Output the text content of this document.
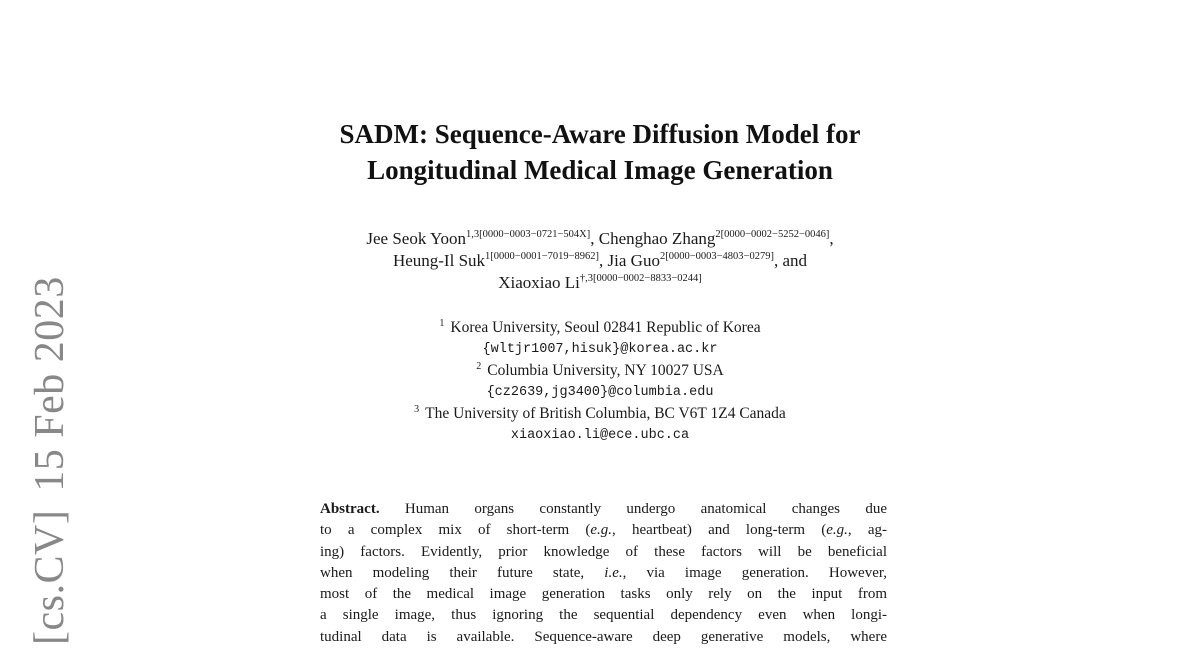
[cs.CV]15 Feb 2023
SADM: Sequence-Aware Diffusion Model for
Longitudinal Medical Image Generation
Jee Seok Yoon$^{1,3[0000-0003-0721-504X]}$, Chenghao Zhang$^{2[0000-0002-5252-0046]}$,
Heung-Il Suk$^{1[0000-0001-7019-8962]}$, Jia Guo$^{2[0000-0003-4803-0279]}$, and
Xiaoxiao $Li^{\dagger,3[0000-0002-8833-0244]}$
$^1$ Korea University, Seoul 02841 Republic of Korea
{wltjr1007,hisuk}@korea.ac.kr
$^2$ Columbia University, NY 10027 USA
{cz2639,jg3400}@columbia.edu
$^3$ The University of British Columbia, BC V6T 1Z4 Canada
xiaoxiao.li@ece.ubc.ca
Abstract. Human organs constantly undergo anatomical changes due
to a complex mix of short-term (e.g., heartbeat) and long-term (e.g., ag-
ing) factors. Evidently, prior knowledge of these factors will be beneficial
when modeling their future state, i.e., via image generation. However,
most of the medical image generation tasks only rely on the input from
a single image, thus ignoring the sequential dependency even when longi-
tudinal data is available. Sequence-aware deep generative models, where
